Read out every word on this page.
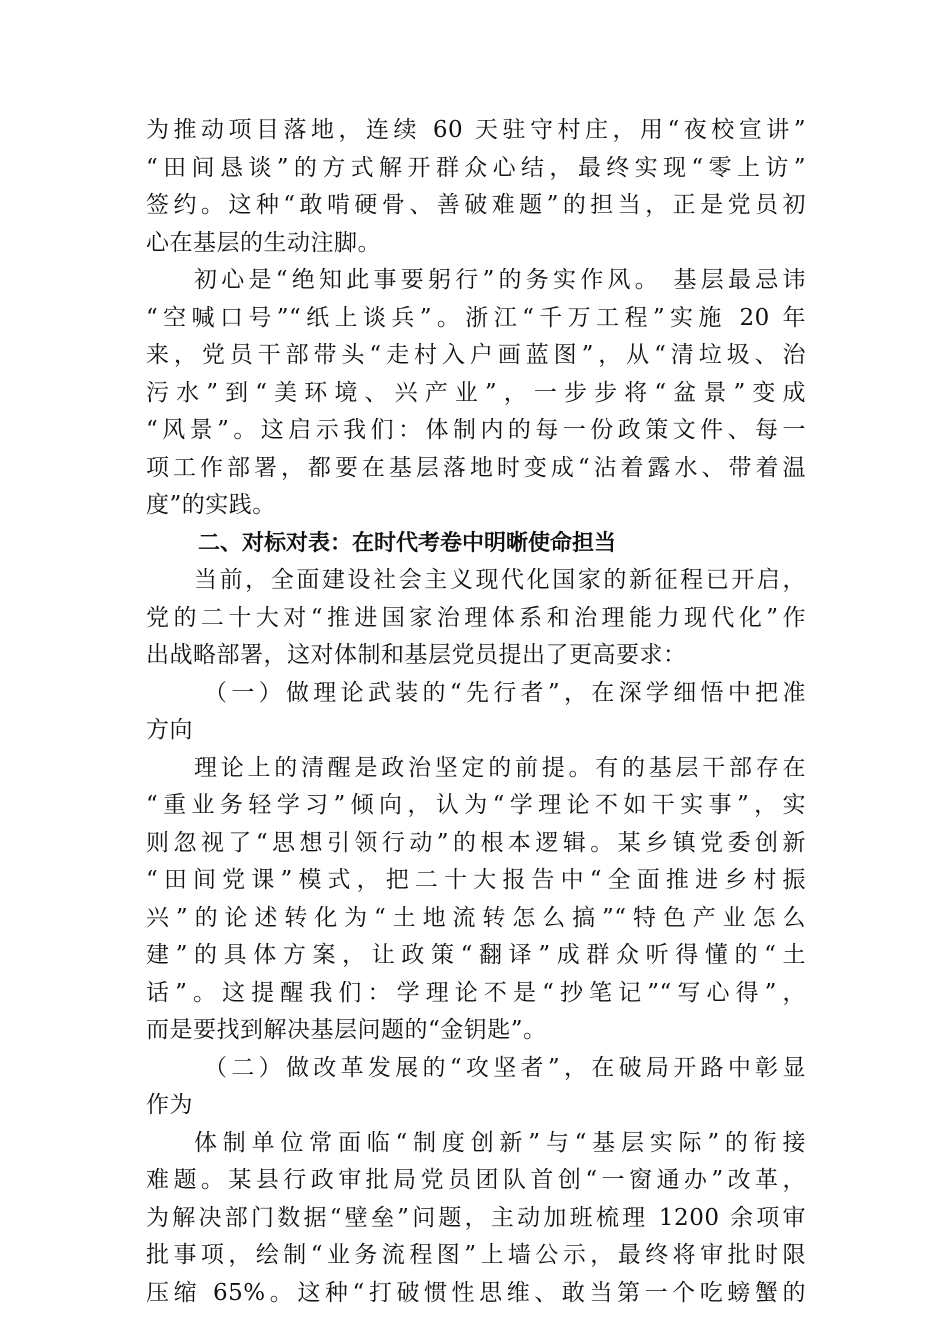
为推动项目落地，连续 60 天驻守村庄，用“夜校宣讲”
“田间恳谈”的方式解开群众心结，最终实现“零上访”
签约。这种“敢啃硬骨、善破难题”的担当，正是党员初
心在基层的生动注脚。
初心是“绝知此事要躬行”的务实作风。 基层最忌讳
“空喊口号”“纸上谈兵”。浙江“千万工程”实施 20 年
来，党员干部带头“走村入户画蓝图”，从“清垃圾、治
污水”到“美环境、兴产业”，一步步将“盆景”变成
“风景”。这启示我们：体制内的每一份政策文件、每一
项工作部署，都要在基层落地时变成“沾着露水、带着温
度”的实践。
二、对标对表：在时代考卷中明晰使命担当
当前，全面建设社会主义现代化国家的新征程已开启，
党的二十大对“推进国家治理体系和治理能力现代化”作
出战略部署，这对体制和基层党员提出了更高要求：
（一）做理论武装的“先行者”，在深学细悟中把准
方向
理论上的清醒是政治坚定的前提。有的基层干部存在
“重业务轻学习”倾向，认为“学理论不如干实事”，实
则忽视了“思想引领行动”的根本逻辑。某乡镇党委创新
“田间党课”模式，把二十大报告中“全面推进乡村振
兴”的论述转化为“土地流转怎么搞”“特色产业怎么
建”的具体方案，让政策“翻译”成群众听得懂的“土
话”。这提醒我们：学理论不是“抄笔记”“写心得”，
而是要找到解决基层问题的“金钥匙”。
（二）做改革发展的“攻坚者”，在破局开路中彰显
作为
体制单位常面临“制度创新”与“基层实际”的衔接
难题。某县行政审批局党员团队首创“一窗通办”改革，
为解决部门数据“壁垒”问题，主动加班梳理 1200 余项审
批事项，绘制“业务流程图”上墙公示，最终将审批时限
压缩 65%。这种“打破惯性思维、敢当第一个吃螃蟹的
